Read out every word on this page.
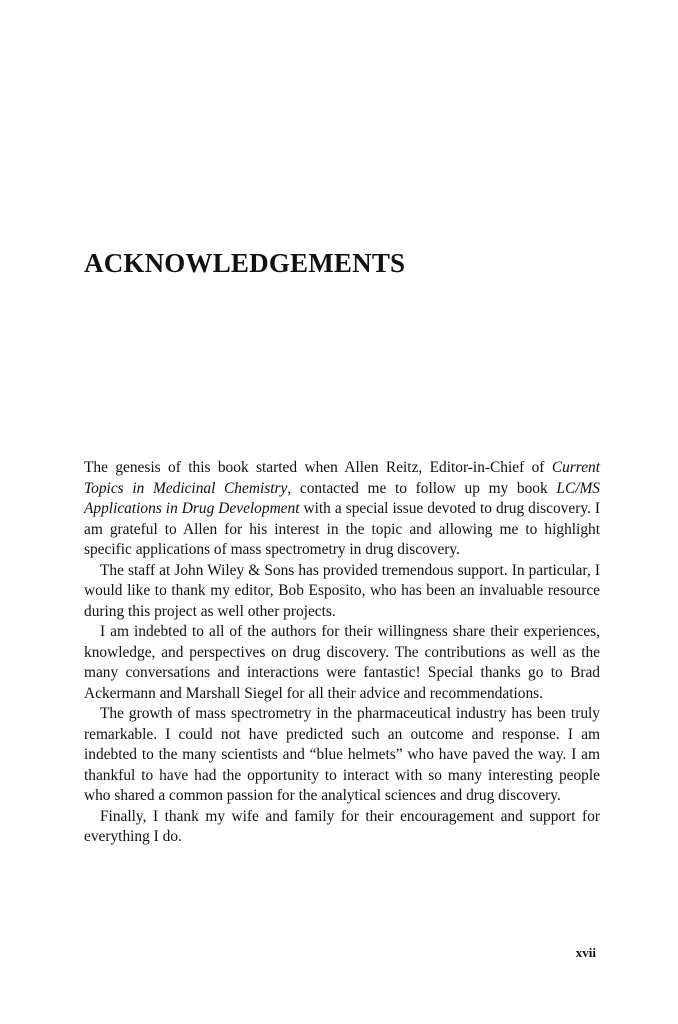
ACKNOWLEDGEMENTS

The genesis of this book started when Allen Reitz, Editor-in-Chief of Current Topics in Medicinal Chemistry, contacted me to follow up my book LC/MS Applications in Drug Development with a special issue devoted to drug discovery. I am grateful to Allen for his interest in the topic and allowing me to highlight specific applications of mass spectrometry in drug discovery.

The staff at John Wiley & Sons has provided tremendous support. In particular, I would like to thank my editor, Bob Esposito, who has been an invaluable resource during this project as well other projects.

I am indebted to all of the authors for their willingness share their experiences, knowledge, and perspectives on drug discovery. The contributions as well as the many conversations and interactions were fantastic! Special thanks go to Brad Ackermann and Marshall Siegel for all their advice and recommendations.

The growth of mass spectrometry in the pharmaceutical industry has been truly remarkable. I could not have predicted such an outcome and response. I am indebted to the many scientists and “blue helmets” who have paved the way. I am thankful to have had the opportunity to interact with so many interesting people who shared a common passion for the analytical sciences and drug discovery.

Finally, I thank my wife and family for their encouragement and support for everything I do.

xvii
